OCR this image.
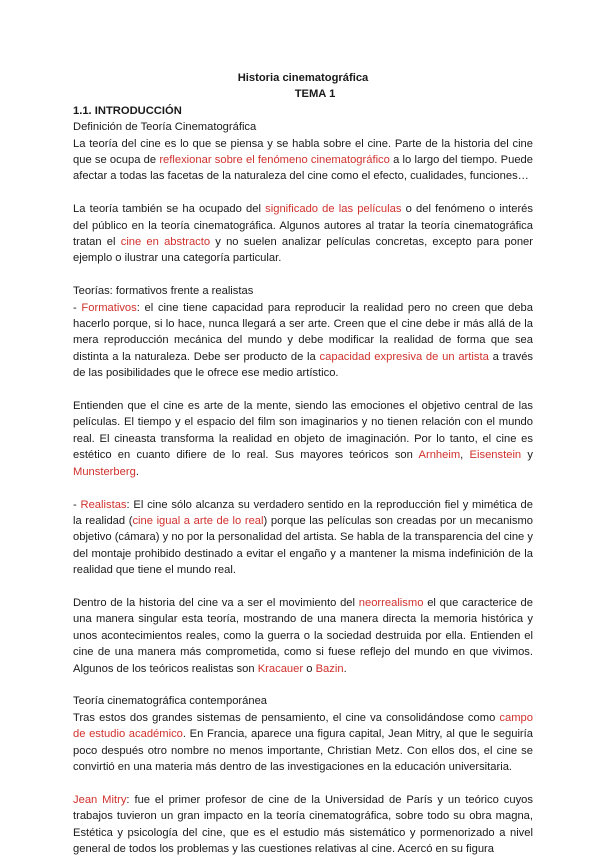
Historia cinematográfica

TEMA 1

1.1. INTRODUCCIÓN

Definición de Teoría Cinematográfica

La teoría del cine es lo que se piensa y se habla sobre el cine. Parte de la historia del cine que se ocupa de reflexionar sobre el fenómeno cinematográfico a lo largo del tiempo. Puede afectar a todas las facetas de la naturaleza del cine como el efecto, cualidades, funciones…

La teoría también se ha ocupado del significado de las películas o del fenómeno o interés del público en la teoría cinematográfica. Algunos autores al tratar la teoría cinematográfica tratan el cine en abstracto y no suelen analizar películas concretas, excepto para poner ejemplo o ilustrar una categoría particular.

Teorías: formativos frente a realistas

- Formativos: el cine tiene capacidad para reproducir la realidad pero no creen que deba hacerlo porque, si lo hace, nunca llegará a ser arte. Creen que el cine debe ir más allá de la mera reproducción mecánica del mundo y debe modificar la realidad de forma que sea distinta a la naturaleza. Debe ser producto de la capacidad expresiva de un artista a través de las posibilidades que le ofrece ese medio artístico.

Entienden que el cine es arte de la mente, siendo las emociones el objetivo central de las películas. El tiempo y el espacio del film son imaginarios y no tienen relación con el mundo real. El cineasta transforma la realidad en objeto de imaginación. Por lo tanto, el cine es estético en cuanto difiere de lo real. Sus mayores teóricos son Arnheim, Eisenstein y Munsterberg.

- Realistas: El cine sólo alcanza su verdadero sentido en la reproducción fiel y mimética de la realidad (cine igual a arte de lo real) porque las películas son creadas por un mecanismo objetivo (cámara) y no por la personalidad del artista. Se habla de la transparencia del cine y del montaje prohibido destinado a evitar el engaño y a mantener la misma indefinición de la realidad que tiene el mundo real.

Dentro de la historia del cine va a ser el movimiento del neorrealismo el que caracterice de una manera singular esta teoría, mostrando de una manera directa la memoria histórica y unos acontecimientos reales, como la guerra o la sociedad destruida por ella. Entienden el cine de una manera más comprometida, como si fuese reflejo del mundo en que vivimos. Algunos de los teóricos realistas son Kracauer o Bazin.

Teoría cinematográfica contemporánea

Tras estos dos grandes sistemas de pensamiento, el cine va consolidándose como campo de estudio académico. En Francia, aparece una figura capital, Jean Mitry, al que le seguiría poco después otro nombre no menos importante, Christian Metz. Con ellos dos, el cine se convirtió en una materia más dentro de las investigaciones en la educación universitaria.

Jean Mitry: fue el primer profesor de cine de la Universidad de París y un teórico cuyos trabajos tuvieron un gran impacto en la teoría cinematográfica, sobre todo su obra magna, Estética y psicología del cine, que es el estudio más sistemático y pormenorizado a nivel general de todos los problemas y las cuestiones relativas al cine. Acercó en su figura
